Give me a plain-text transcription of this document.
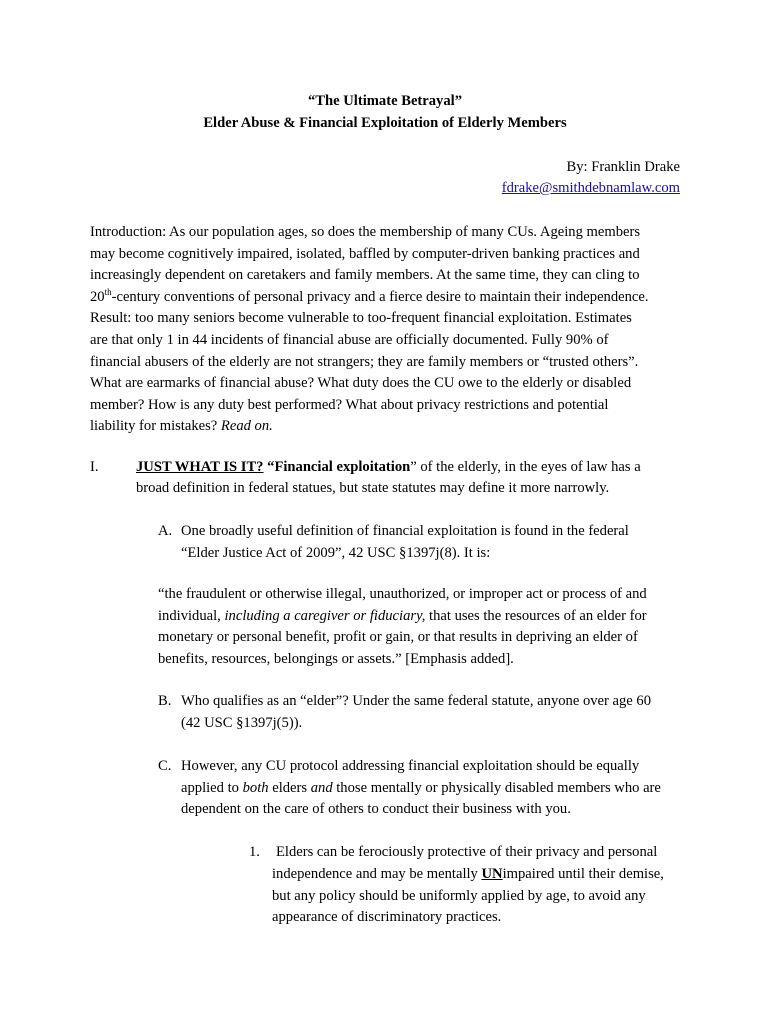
“The Ultimate Betrayal”
Elder Abuse & Financial Exploitation of Elderly Members
By: Franklin Drake
fdrake@smithdebnamlaw.com
Introduction: As our population ages, so does the membership of many CUs. Ageing members
may become cognitively impaired, isolated, baffled by computer-driven banking practices and
increasingly dependent on caretakers and family members. At the same time, they can cling to
20th-century conventions of personal privacy and a fierce desire to maintain their independence.
Result: too many seniors become vulnerable to too-frequent financial exploitation. Estimates
are that only 1 in 44 incidents of financial abuse are officially documented. Fully 90% of
financial abusers of the elderly are not strangers; they are family members or “trusted others”.
What are earmarks of financial abuse? What duty does the CU owe to the elderly or disabled
member? How is any duty best performed? What about privacy restrictions and potential
liability for mistakes? Read on.
I.	JUST WHAT IS IT? “Financial exploitation” of the elderly, in the eyes of law has a
broad definition in federal statues, but state statutes may define it more narrowly.
A. One broadly useful definition of financial exploitation is found in the federal
“Elder Justice Act of 2009”, 42 USC §1397j(8). It is:
“the fraudulent or otherwise illegal, unauthorized, or improper act or process of and
individual, including a caregiver or fiduciary, that uses the resources of an elder for
monetary or personal benefit, profit or gain, or that results in depriving an elder of
benefits, resources, belongings or assets.” [Emphasis added].
B. Who qualifies as an “elder”? Under the same federal statute, anyone over age 60
(42 USC §1397j(5)).
C. However, any CU protocol addressing financial exploitation should be equally
applied to both elders and those mentally or physically disabled members who are
dependent on the care of others to conduct their business with you.
1. Elders can be ferociously protective of their privacy and personal
independence and may be mentally UNimpaired until their demise,
but any policy should be uniformly applied by age, to avoid any
appearance of discriminatory practices.
